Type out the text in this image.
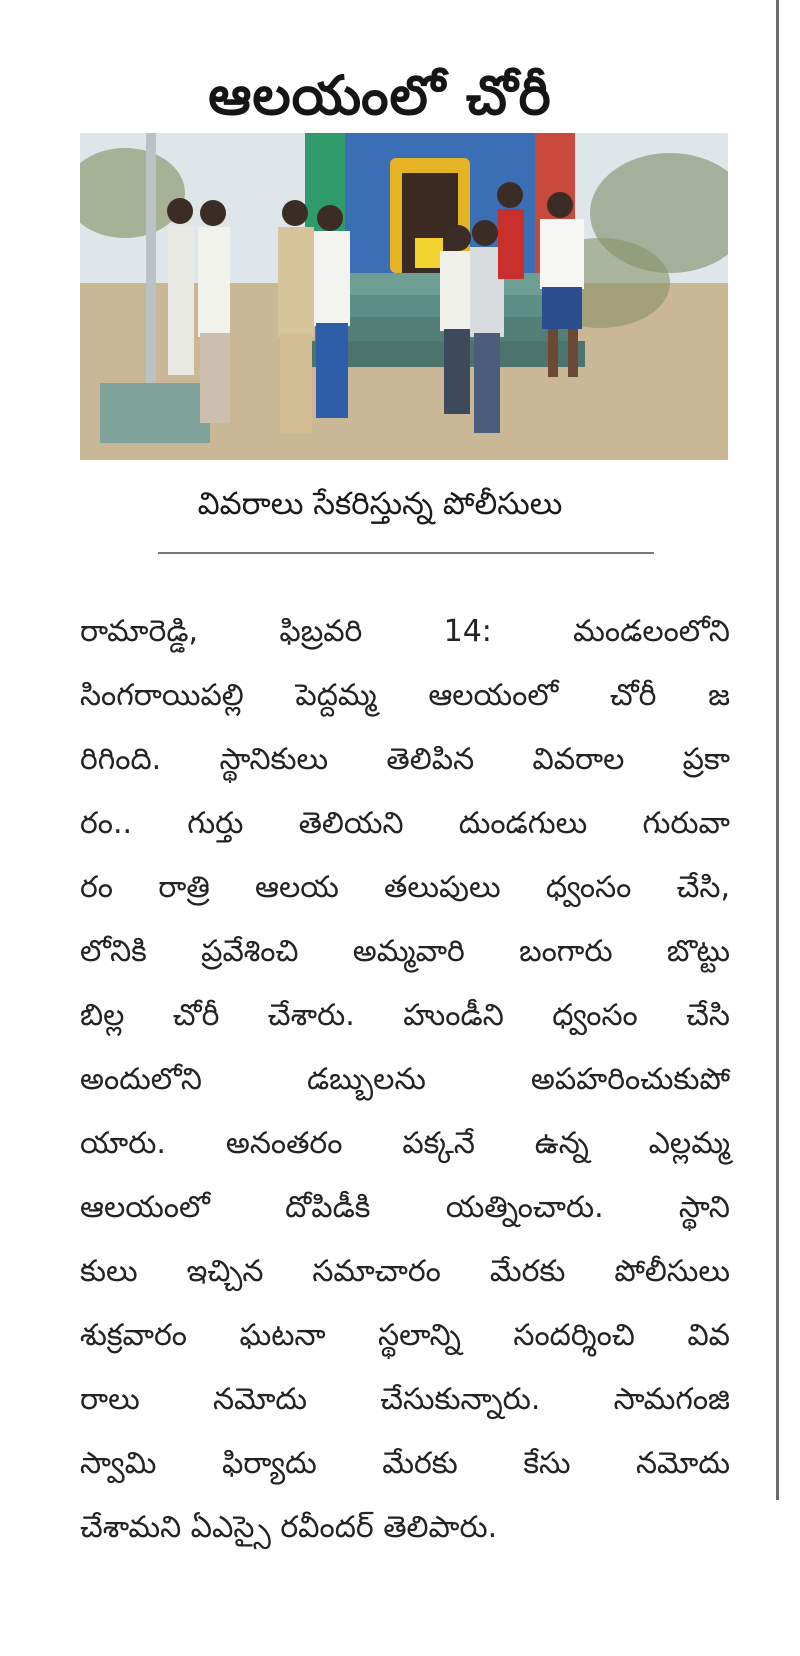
ఆలయంలో చోరీ
వివరాలు సేకరిస్తున్న పోలీసులు
రామారెడ్డి, ఫిబ్రవరి 14: మండలంలోని
సింగరాయిపల్లి పెద్దమ్మ ఆలయంలో చోరీ జ
రిగింది. స్థానికులు తెలిపిన వివరాల ప్రకా
రం.. గుర్తు తెలియని దుండగులు గురువా
రం రాత్రి ఆలయ తలుపులు ధ్వంసం చేసి,
లోనికి ప్రవేశించి అమ్మవారి బంగారు బొట్టు
బిల్ల చోరీ చేశారు. హుండీని ధ్వంసం చేసి
అందులోని డబ్బులను అపహరించుకుపో
యారు. అనంతరం పక్కనే ఉన్న ఎల్లమ్మ
ఆలయంలో దోపిడీకి యత్నించారు. స్థాని
కులు ఇచ్చిన సమాచారం మేరకు పోలీసులు
శుక్రవారం ఘటనా స్థలాన్ని సందర్శించి వివ
రాలు నమోదు చేసుకున్నారు. సామగంజి
స్వామి ఫిర్యాదు మేరకు కేసు నమోదు
చేశామని ఏఎస్సై రవీందర్ తెలిపారు.
